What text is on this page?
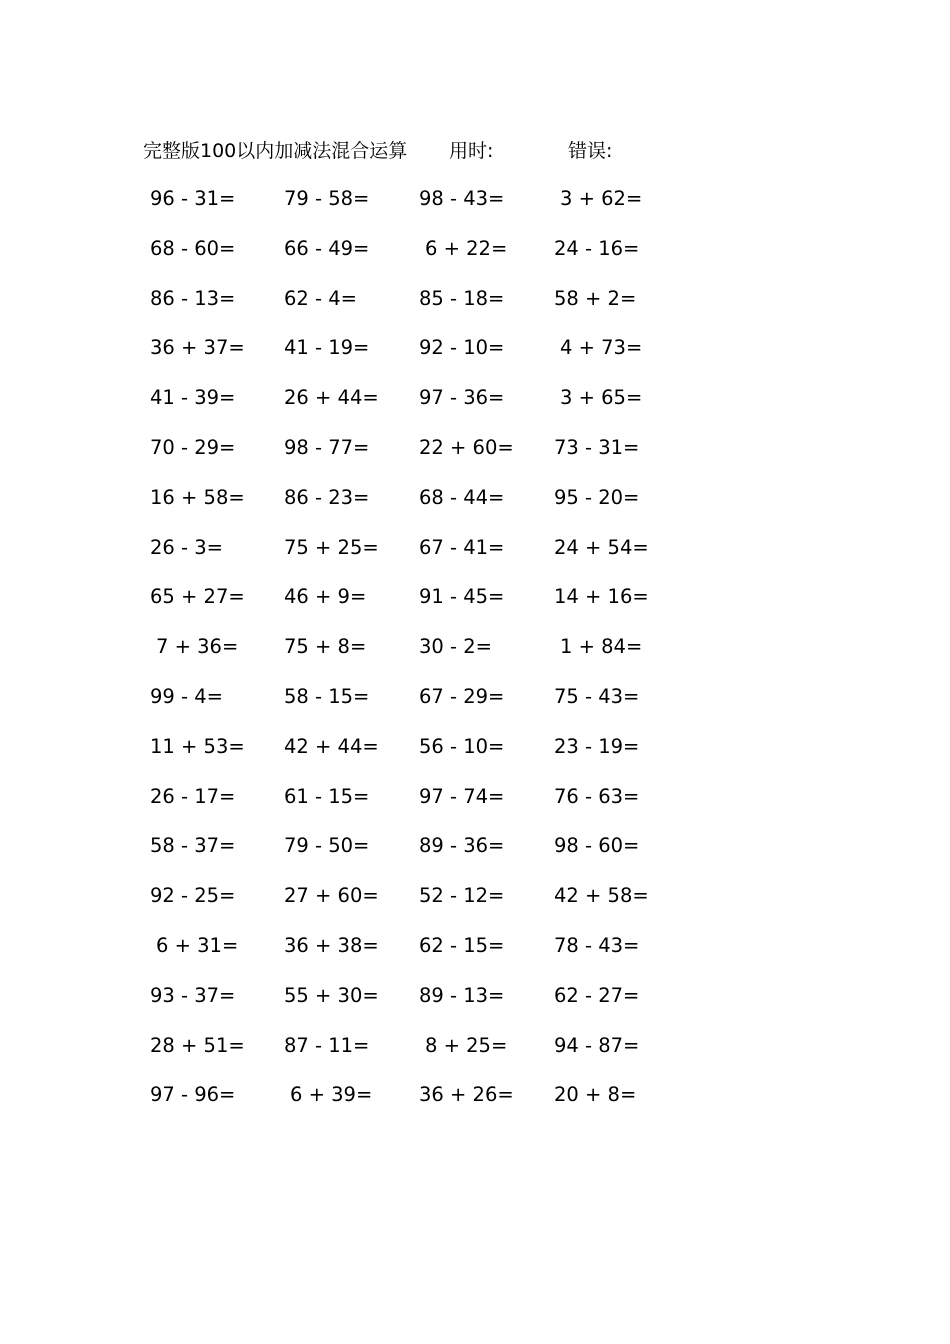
完整版100以内加减法混合运算 用时:	错误:
96 - 31= 79 - 58=	98 - 43=	3 + 62=
68 - 60= 66 - 49=	6 + 22= 24 - 16=
86 - 13= 62 - 4=	85 - 18=	58 + 2=
36 + 37= 41 - 19=	92 - 10=	4 + 73=
41 - 39= 26 + 44= 97 - 36=	3 + 65=
70 - 29= 98 - 77=	22 + 60= 73 - 31=
16 + 58= 86 - 23=	68 - 44=	95 - 20=
26 - 3=	75 + 25= 67 - 41=	24 + 54=
65 + 27= 46 + 9=	91 - 45=	14 + 16=
7 + 36= 75 + 8=	30 - 2=	1 + 84=
99 - 4=	58 - 15=	67 - 29=	75 - 43=
11 + 53= 42 + 44= 56 - 10=	23 - 19=
26 - 17= 61 - 15=	97 - 74=	76 - 63=
58 - 37= 79 - 50=	89 - 36=	98 - 60=
92 - 25= 27 + 60= 52 - 12=	42 + 58=
6 + 31= 36 + 38= 62 - 15=	78 - 43=
93 - 37= 55 + 30= 89 - 13=	62 - 27=
28 + 51= 87 - 11=	8 + 25= 94 - 87=
97 - 96=	6 + 39= 36 + 26= 20 + 8=
